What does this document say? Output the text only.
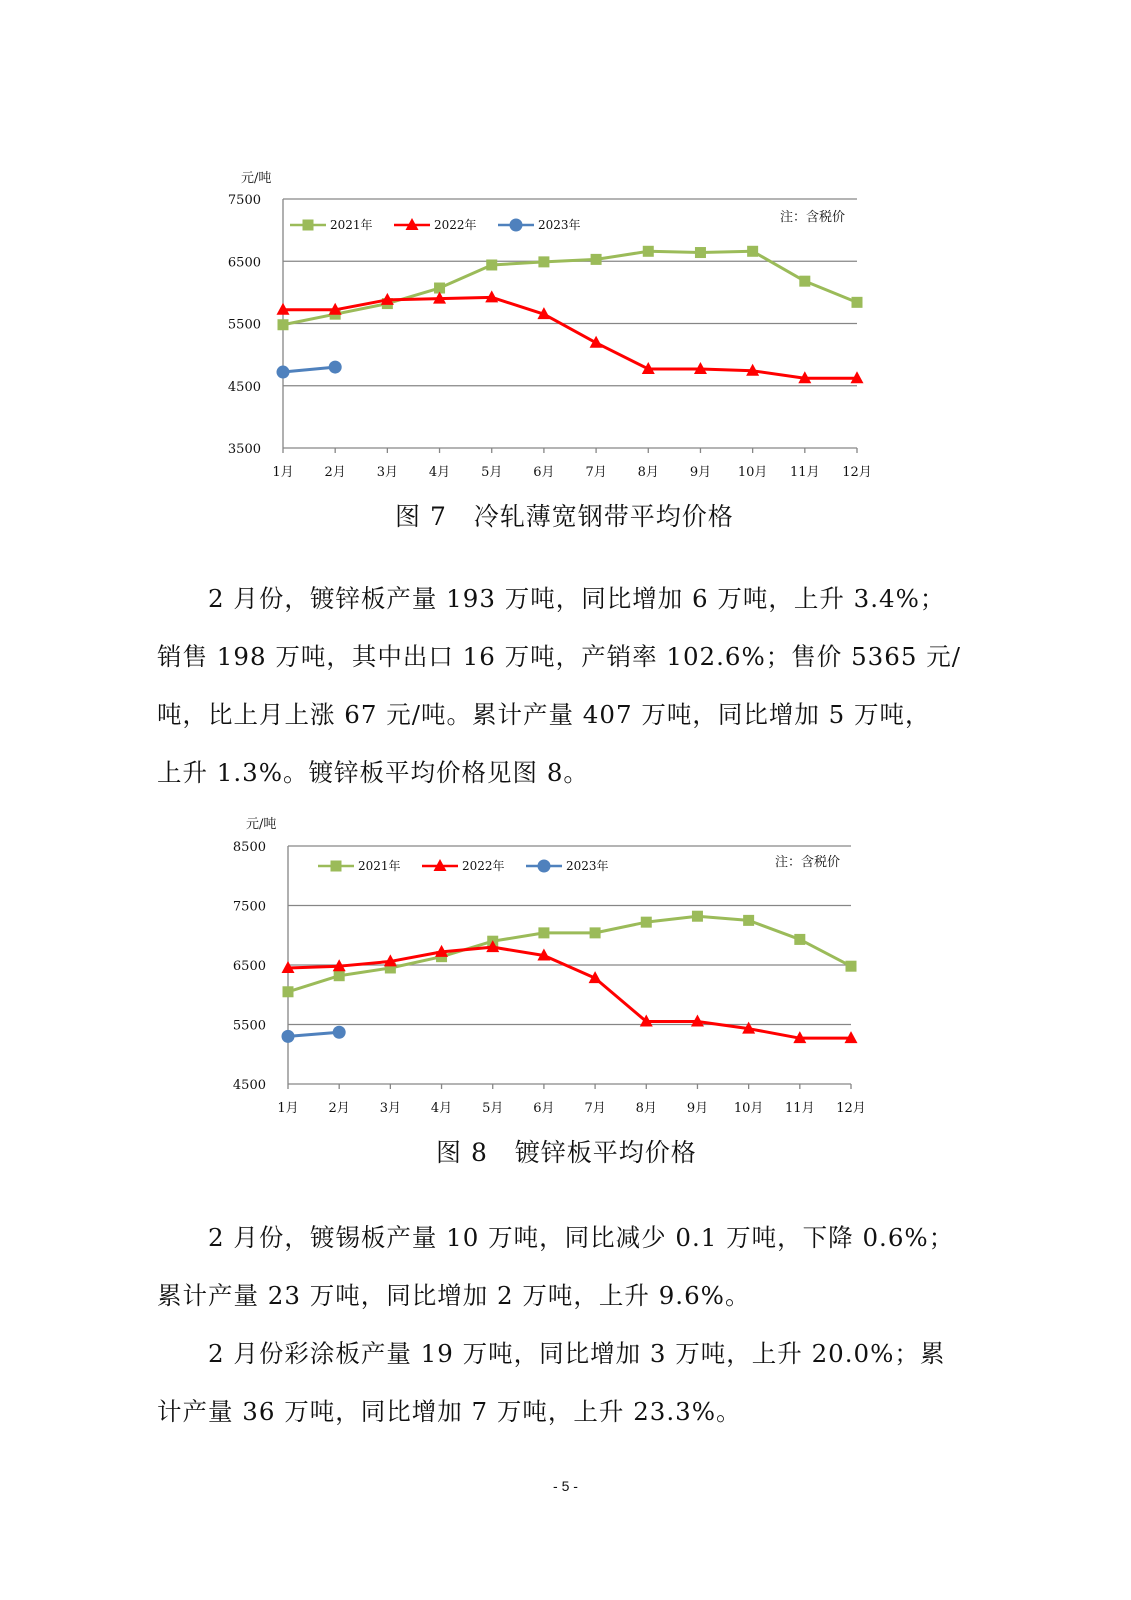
7500
6500
5500
4500
3500
1月 2月 3月 4月 5月 6月 7月 8月 9月 10月 11月 12月
元/吨
注：含税价
2021年	2022年	2023年
图 7   冷轧薄宽钢带平均价格

　　2 月份，镀锌板产量 193 万吨，同比增加 6 万吨，上升 3.4%；
销售 198 万吨，其中出口 16 万吨，产销率 102.6%；售价 5365 元/
吨，比上月上涨 67 元/吨。累计产量 407 万吨，同比增加 5 万吨，
上升 1.3%。镀锌板平均价格见图 8。

8500
7500
6500
5500
4500
1月 2月 3月 4月 5月 6月 7月 8月 9月 10月 11月 12月
元/吨
注：含税价
2021年	2022年	2023年
图 8   镀锌板平均价格

　　2 月份，镀锡板产量 10 万吨，同比减少 0.1 万吨，下降 0.6%；
累计产量 23 万吨，同比增加 2 万吨，上升 9.6%。

　　2 月份彩涂板产量 19 万吨，同比增加 3 万吨，上升 20.0%；累
计产量 36 万吨，同比增加 7 万吨，上升 23.3%。

- 5 -
